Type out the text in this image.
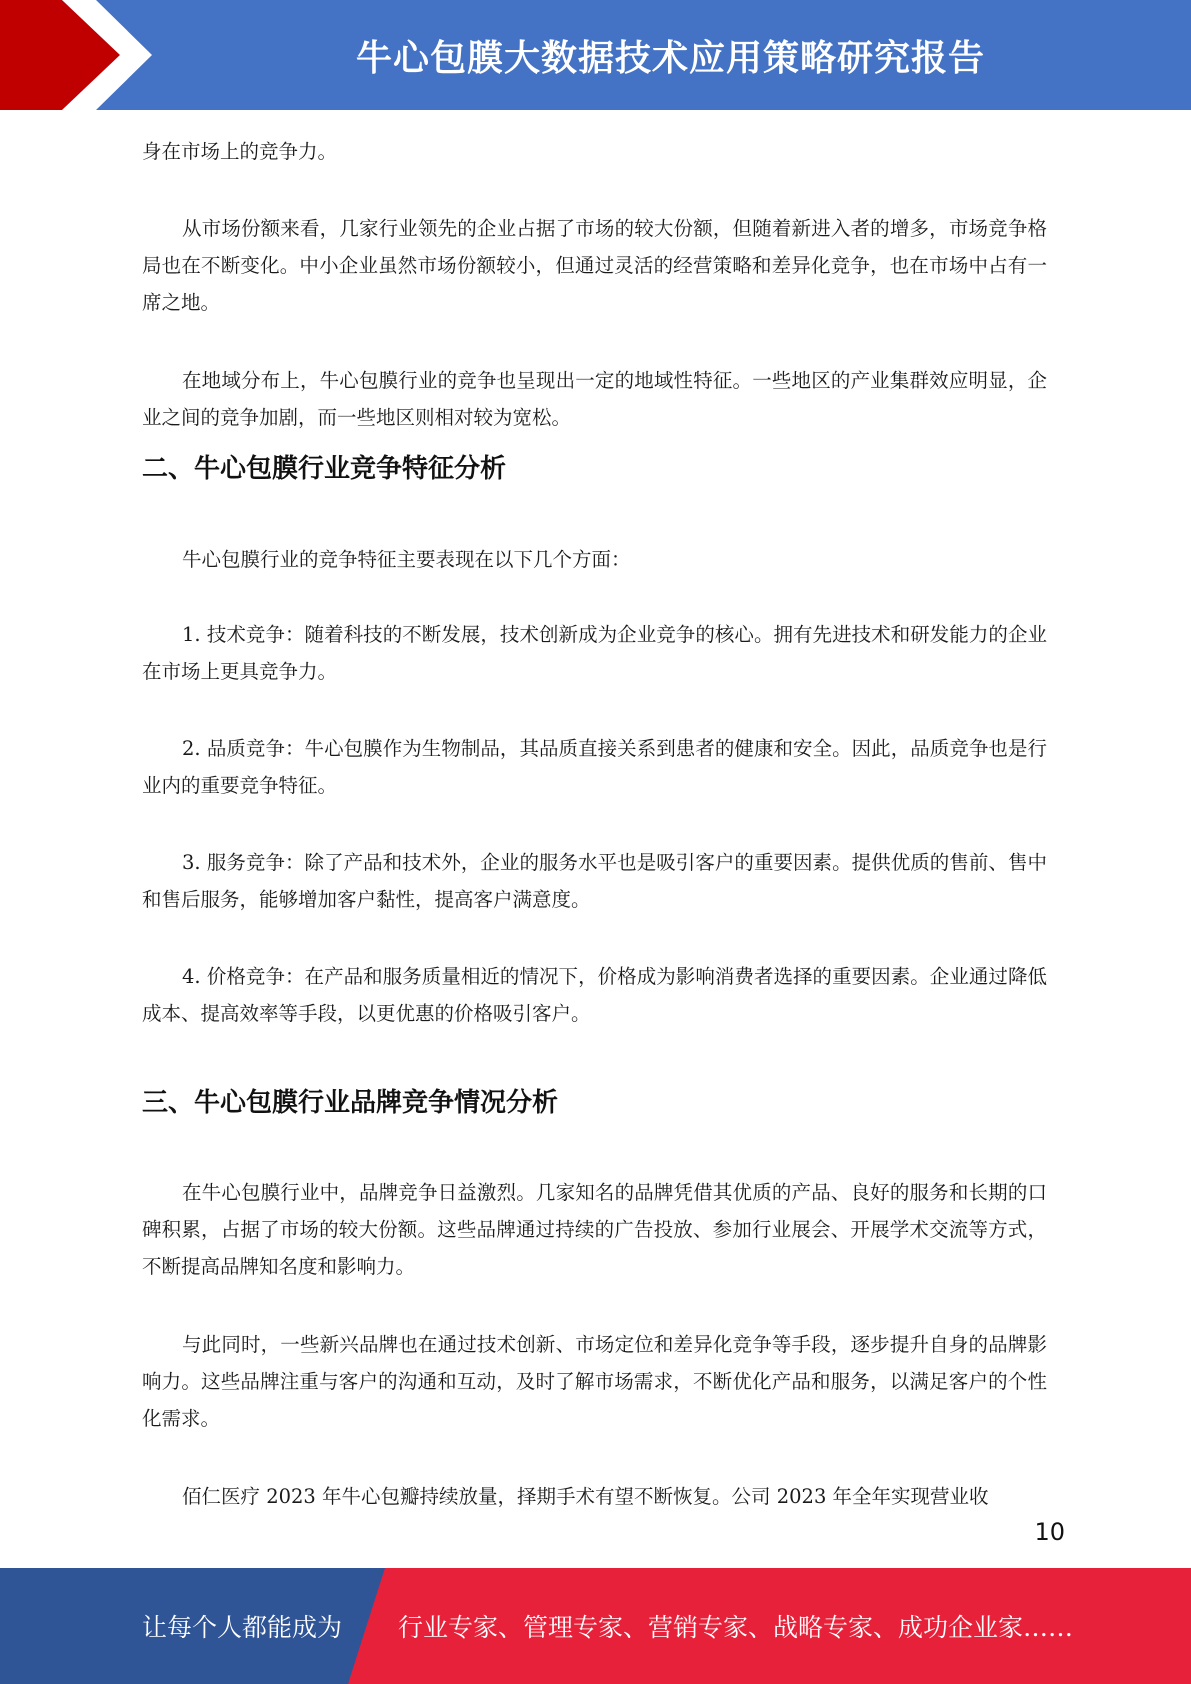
牛心包膜大数据技术应用策略研究报告

身在市场上的竞争力。

从市场份额来看，几家行业领先的企业占据了市场的较大份额，但随着新进入者的增多，市场竞争格局也在不断变化。中小企业虽然市场份额较小，但通过灵活的经营策略和差异化竞争，也在市场中占有一席之地。

在地域分布上，牛心包膜行业的竞争也呈现出一定的地域性特征。一些地区的产业集群效应明显，企业之间的竞争加剧，而一些地区则相对较为宽松。

二、牛心包膜行业竞争特征分析

牛心包膜行业的竞争特征主要表现在以下几个方面：

1. 技术竞争：随着科技的不断发展，技术创新成为企业竞争的核心。拥有先进技术和研发能力的企业在市场上更具竞争力。

2. 品质竞争：牛心包膜作为生物制品，其品质直接关系到患者的健康和安全。因此，品质竞争也是行业内的重要竞争特征。

3. 服务竞争：除了产品和技术外，企业的服务水平也是吸引客户的重要因素。提供优质的售前、售中和售后服务，能够增加客户黏性，提高客户满意度。

4. 价格竞争：在产品和服务质量相近的情况下，价格成为影响消费者选择的重要因素。企业通过降低成本、提高效率等手段，以更优惠的价格吸引客户。

三、牛心包膜行业品牌竞争情况分析

在牛心包膜行业中，品牌竞争日益激烈。几家知名的品牌凭借其优质的产品、良好的服务和长期的口碑积累，占据了市场的较大份额。这些品牌通过持续的广告投放、参加行业展会、开展学术交流等方式，不断提高品牌知名度和影响力。

与此同时，一些新兴品牌也在通过技术创新、市场定位和差异化竞争等手段，逐步提升自身的品牌影响力。这些品牌注重与客户的沟通和互动，及时了解市场需求，不断优化产品和服务，以满足客户的个性化需求。

佰仁医疗 2023 年牛心包瓣持续放量，择期手术有望不断恢复。公司 2023 年全年实现营业收

10
让每个人都能成为 行业专家、管理专家、营销专家、战略专家、成功企业家……
